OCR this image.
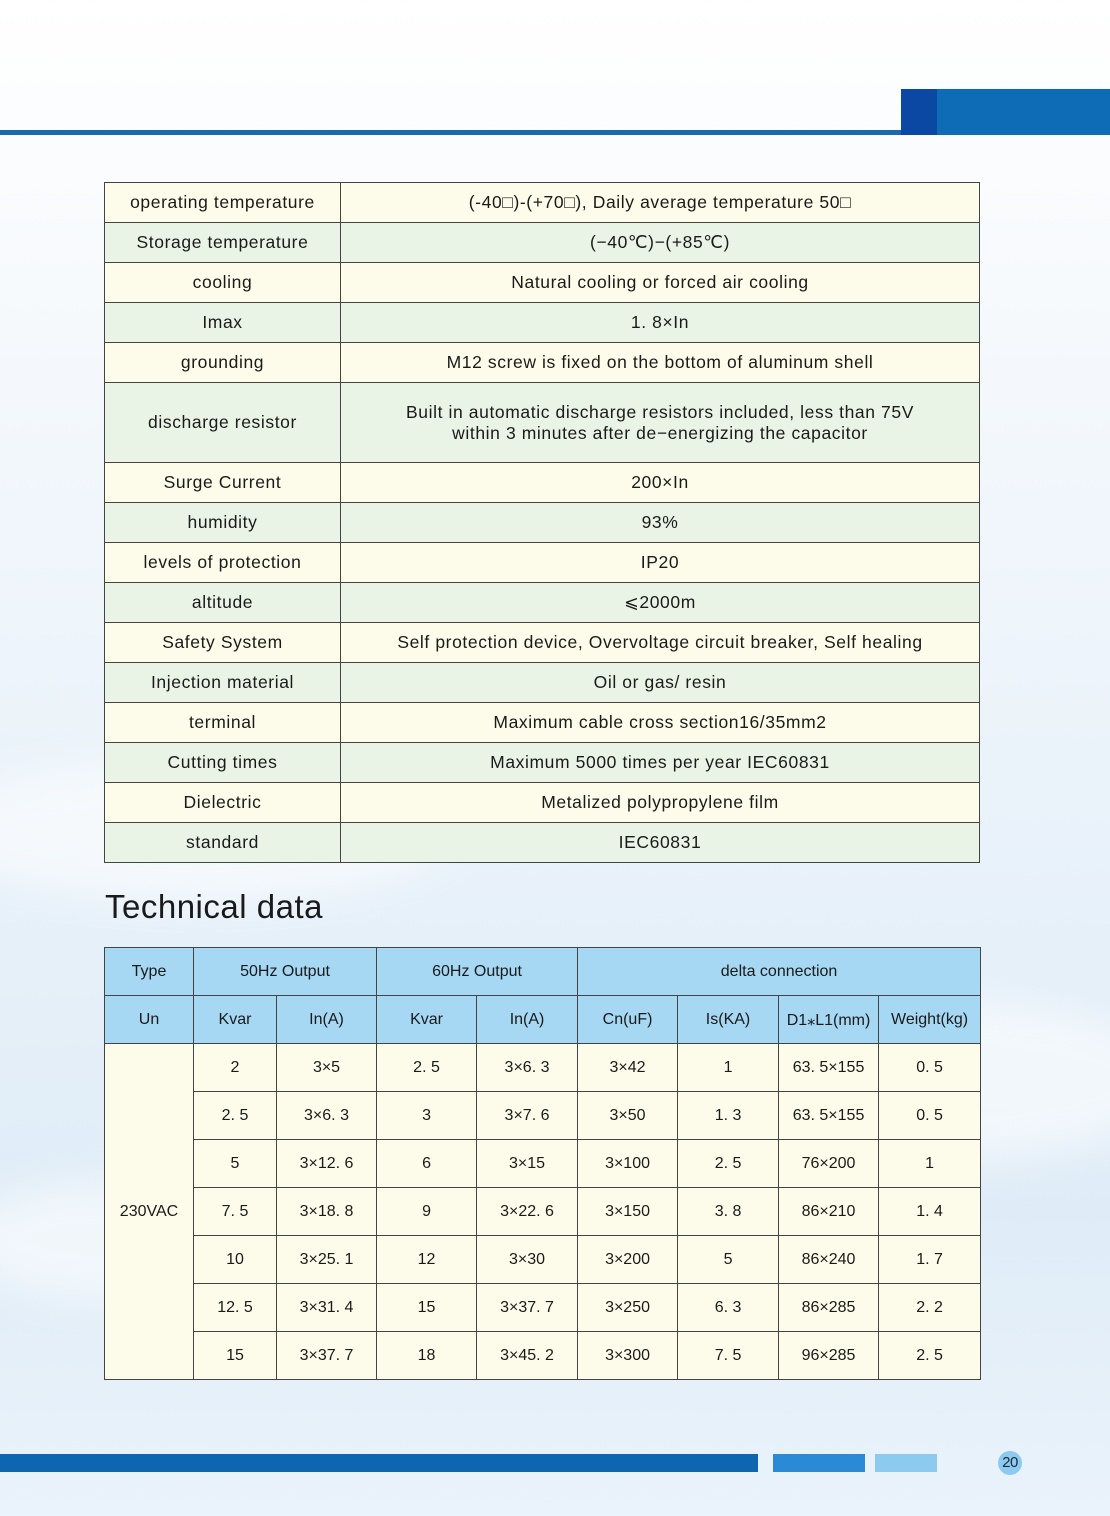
operating temperature	(-40□)-(+70□), Daily average temperature 50□
Storage temperature	(−40℃)−(+85℃)
cooling	Natural cooling or forced air cooling
Imax	1. 8×In
grounding	M12 screw is fixed on the bottom of aluminum shell
discharge resistor	Built in automatic discharge resistors included, less than 75V
within 3 minutes after de−energizing the capacitor
Surge Current	200×In
humidity	93%
levels of protection	IP20
altitude	⩽2000m
Safety System	Self protection device, Overvoltage circuit breaker, Self healing
Injection material	Oil or gas/ resin
terminal	Maximum cable cross section16/35mm2
Cutting times	Maximum 5000 times per year IEC60831
Dielectric	Metalized polypropylene film
standard	IEC60831
Technical data
Type	50Hz Output		60Hz Output		delta connection			
Un	Kvar	In(A)	Kvar	In(A)	Cn(uF)	Is(KA)	D1⁎L1(mm)	Weight(kg)
230VAC	2	3×5	2. 5	3×6. 3	3×42	1	63. 5×155	0. 5
	2. 5	3×6. 3	3	3×7. 6	3×50	1. 3	63. 5×155	0. 5
	5	3×12. 6	6	3×15	3×100	2. 5	76×200	1
	7. 5	3×18. 8	9	3×22. 6	3×150	3. 8	86×210	1. 4
	10	3×25. 1	12	3×30	3×200	5	86×240	1. 7
	12. 5	3×31. 4	15	3×37. 7	3×250	6. 3	86×285	2. 2
	15	3×37. 7	18	3×45. 2	3×300	7. 5	96×285	2. 5
20
